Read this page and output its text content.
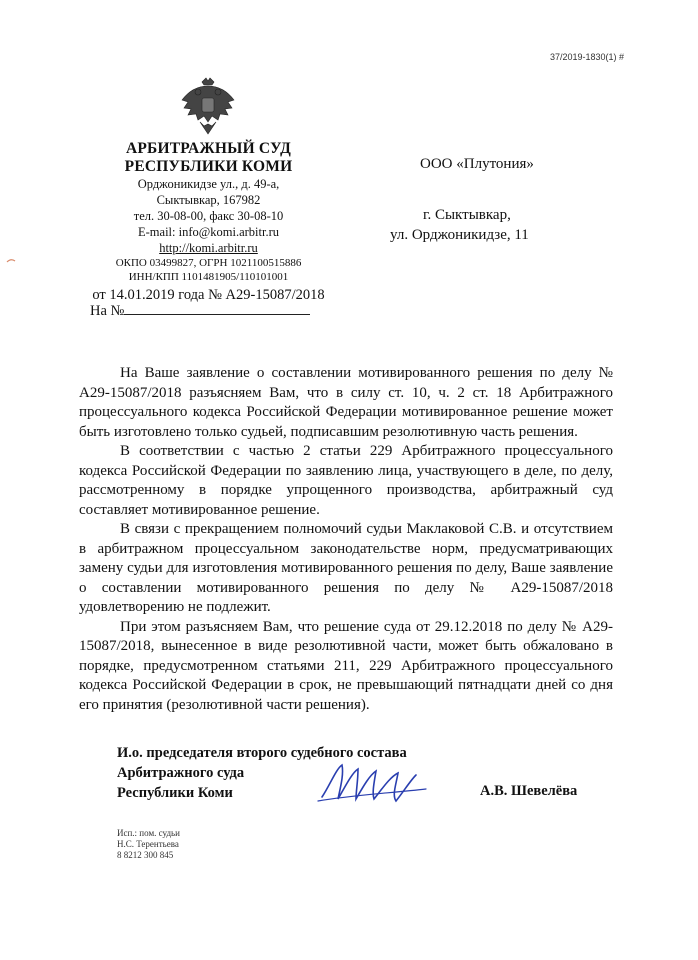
37/2019-1830(1) #
АРБИТРАЖНЫЙ СУД
РЕСПУБЛИКИ КОМИ
Орджоникидзе ул., д. 49-а,
Сыктывкар, 167982
тел. 30-08-00, факс 30-08-10
E-mail: info@komi.arbitr.ru
http://komi.arbitr.ru
ОКПО 03499827, ОГРН 1021100515886
ИНН/КПП 1101481905/110101001
от 14.01.2019 года № А29-15087/2018
На №
ООО «Плутония»
г. Сыктывкар,
ул. Орджоникидзе, 11

На Ваше заявление о составлении мотивированного решения по делу № А29-15087/2018 разъясняем Вам, что в силу ст. 10, ч. 2 ст. 18 Арбитражного процессуального кодекса Российской Федерации мотивированное решение может быть изготовлено только судьей, подписавшим резолютивную часть решения.

В соответствии с частью 2 статьи 229 Арбитражного процессуального кодекса Российской Федерации по заявлению лица, участвующего в деле, по делу, рассмотренному в порядке упрощенного производства, арбитражный суд составляет мотивированное решение.

В связи с прекращением полномочий судьи Маклаковой С.В. и отсутствием в арбитражном процессуальном законодательстве норм, предусматривающих замену судьи для изготовления мотивированного решения по делу, Ваше заявление о составлении мотивированного решения по делу № А29-15087/2018 удовлетворению не подлежит.

При этом разъясняем Вам, что решение суда от 29.12.2018 по делу № А29-15087/2018, вынесенное в виде резолютивной части, может быть обжаловано в порядке, предусмотренном статьями 211, 229 Арбитражного процессуального кодекса Российской Федерации в срок, не превышающий пятнадцати дней со дня его принятия (резолютивной части решения).

И.о. председателя второго судебного состава
Арбитражного суда
Республики Коми	А.В. Шевелёва
Исп.: пом. судьи
Н.С. Терентьева
8 8212 300 845
